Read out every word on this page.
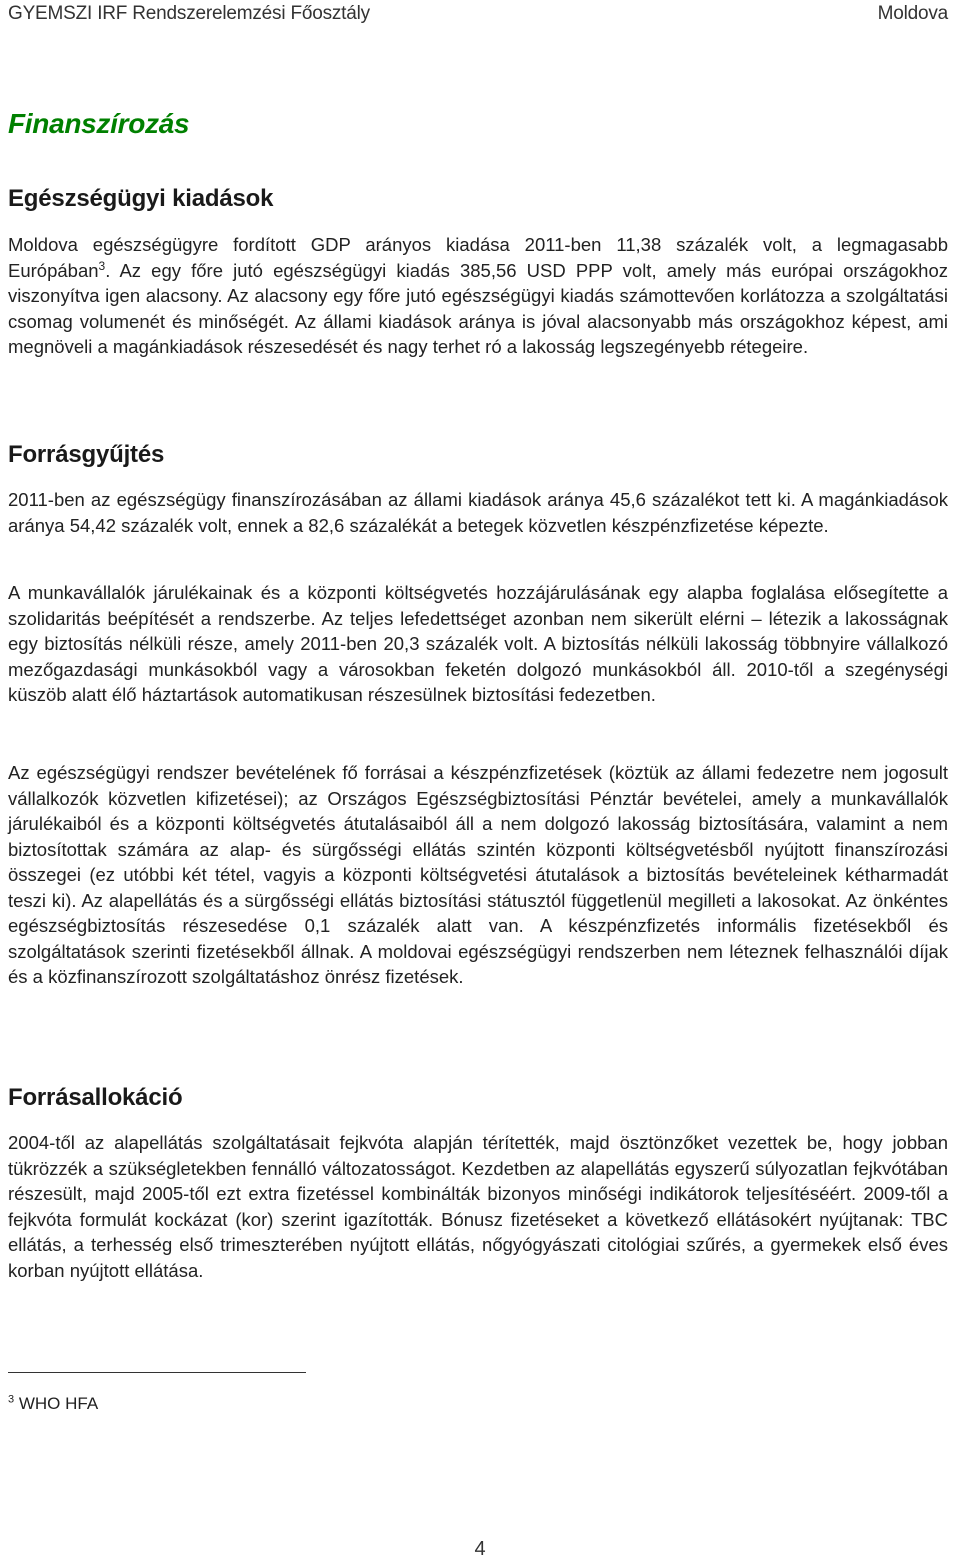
GYEMSZI IRF Rendszerelemzési Főosztály	Moldova
Finanszírozás
Egészségügyi kiadások

Moldova egészségügyre fordított GDP arányos kiadása 2011-ben 11,38 százalék volt, a legmagasabb Európában$^3$. Az egy főre jutó egészségügyi kiadás 385,56 USD PPP volt, amely más európai országokhoz viszonyítva igen alacsony. Az alacsony egy főre jutó egészségügyi kiadás számottevően korlátozza a szolgáltatási csomag volumenét és minőségét. Az állami kiadások aránya is jóval alacsonyabb más országokhoz képest, ami megnöveli a magánkiadások részesedését és nagy terhet ró a lakosság legszegényebb rétegeire.

Forrásgyűjtés

2011-ben az egészségügy finanszírozásában az állami kiadások aránya 45,6 százalékot tett ki. A magánkiadások aránya 54,42 százalék volt, ennek a 82,6 százalékát a betegek közvetlen készpénzfizetése képezte.

A munkavállalók járulékainak és a központi költségvetés hozzájárulásának egy alapba foglalása elősegítette a szolidaritás beépítését a rendszerbe. Az teljes lefedettséget azonban nem sikerült elérni – létezik a lakosságnak egy biztosítás nélküli része, amely 2011-ben 20,3 százalék volt. A biztosítás nélküli lakosság többnyire vállalkozó mezőgazdasági munkásokból vagy a városokban feketén dolgozó munkásokból áll. 2010-től a szegénységi küszöb alatt élő háztartások automatikusan részesülnek biztosítási fedezetben.

Az egészségügyi rendszer bevételének fő forrásai a készpénzfizetések (köztük az állami fedezetre nem jogosult vállalkozók közvetlen kifizetései); az Országos Egészségbiztosítási Pénztár bevételei, amely a munkavállalók járulékaiból és a központi költségvetés átutalásaiból áll a nem dolgozó lakosság biztosítására, valamint a nem biztosítottak számára az alap- és sürgősségi ellátás szintén központi költségvetésből nyújtott finanszírozási összegei (ez utóbbi két tétel, vagyis a központi költségvetési átutalások a biztosítás bevételeinek kétharmadát teszi ki). Az alapellátás és a sürgősségi ellátás biztosítási státusztól függetlenül megilleti a lakosokat. Az önkéntes egészségbiztosítás részesedése 0,1 százalék alatt van. A készpénzfizetés informális fizetésekből és szolgáltatások szerinti fizetésekből állnak. A moldovai egészségügyi rendszerben nem léteznek felhasználói díjak és a közfinanszírozott szolgáltatáshoz önrész fizetések.

Forrásallokáció

2004-től az alapellátás szolgáltatásait fejkvóta alapján térítették, majd ösztönzőket vezettek be, hogy jobban tükrözzék a szükségletekben fennálló változatosságot. Kezdetben az alapellátás egyszerű súlyozatlan fejkvótában részesült, majd 2005-től ezt extra fizetéssel kombinálták bizonyos minőségi indikátorok teljesítéséért. 2009-től a fejkvóta formulát kockázat (kor) szerint igazították. Bónusz fizetéseket a következő ellátásokért nyújtanak: TBC ellátás, a terhesség első trimeszterében nyújtott ellátás, nőgyógyászati citológiai szűrés, a gyermekek első éves korban nyújtott ellátása.

$^3$ WHO HFA
4
